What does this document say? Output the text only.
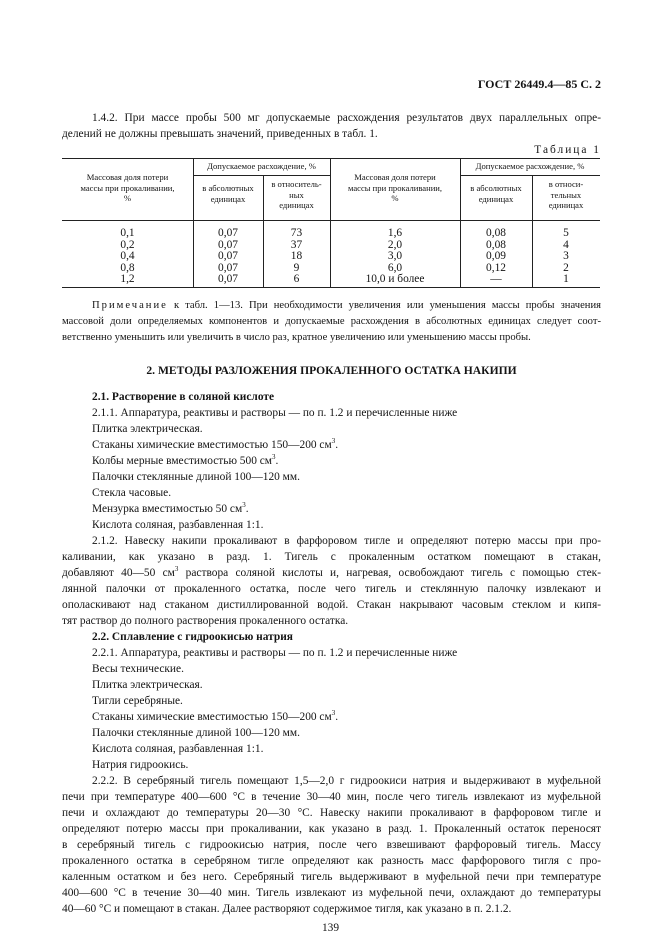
ГОСТ 26449.4—85 С. 2
1.4.2. При массе пробы 500 мг допускаемые расхождения результатов двух параллельных опре-
делений не должны превышать значений, приведенных в табл. 1.
Таблица 1
Массовая доля потери
массы при прокаливании,
%
Допускаемое расхождение, %
в абсолютных
единицах
в относитель-
ных
единицах
Массовая доля потери
массы при прокаливании,
%
Допускаемое расхождение, %
в абсолютных
единицах
в относи-
тельных
единицах
0,1
0,2
0,4
0,8
1,2
0,07
0,07
0,07
0,07
0,07
73
37
18
9
6
1,6
2,0
3,0
6,0
10,0 и более
0,08
0,08
0,09
0,12
—
5
4
3
2
1
Примечание к табл. 1—13. При необходимости увеличения или уменьшения массы пробы значения
массовой доли определяемых компонентов и допускаемые расхождения в абсолютных единицах следует соот-
ветственно уменьшить или увеличить в число раз, кратное увеличению или уменьшению массы пробы.
2. МЕТОДЫ РАЗЛОЖЕНИЯ ПРОКАЛЕННОГО ОСТАТКА НАКИПИ
2.1. Растворение в соляной кислоте
2.1.1. Аппаратура, реактивы и растворы — по п. 1.2 и перечисленные ниже
Плитка электрическая.
Стаканы химические вместимостью 150—200 $см^3$.
Колбы мерные вместимостью 500 $см^3$.
Палочки стеклянные длиной 100—120 мм.
Стекла часовые.
Мензурка вместимостью 50 $см^3$.
Кислота соляная, разбавленная 1:1.
2.1.2. Навеску накипи прокаливают в фарфоровом тигле и определяют потерю массы при про-
каливании, как указано в разд. 1. Тигель с прокаленным остатком помещают в стакан,
добавляют 40—50 $см^3$ раствора соляной кислоты и, нагревая, освобождают тигель с помощью стек-
лянной палочки от прокаленного остатка, после чего тигель и стеклянную палочку извлекают и
ополаскивают над стаканом дистиллированной водой. Стакан накрывают часовым стеклом и кипя-
тят раствор до полного растворения прокаленного остатка.
2.2. Сплавление с гидроокисью натрия
2.2.1. Аппаратура, реактивы и растворы — по п. 1.2 и перечисленные ниже
Весы технические.
Плитка электрическая.
Тигли серебряные.
Стаканы химические вместимостью 150—200 $см^3$.
Палочки стеклянные длиной 100—120 мм.
Кислота соляная, разбавленная 1:1.
Натрия гидроокись.
2.2.2. В серебряный тигель помещают 1,5—2,0 г гидроокиси натрия и выдерживают в муфельной
печи при температуре 400—600 °С в течение 30—40 мин, после чего тигель извлекают из муфельной
печи и охлаждают до температуры 20—30 °С. Навеску накипи прокаливают в фарфоровом тигле и
определяют потерю массы при прокаливании, как указано в разд. 1. Прокаленный остаток переносят
в серебряный тигель с гидроокисью натрия, после чего взвешивают фарфоровый тигель. Массу
прокаленного остатка в серебряном тигле определяют как разность масс фарфорового тигля с про-
каленным остатком и без него. Серебряный тигель выдерживают в муфельной печи при температуре
400—600 °С в течение 30—40 мин. Тигель извлекают из муфельной печи, охлаждают до температуры
40—60 °С и помещают в стакан. Далее растворяют содержимое тигля, как указано в п. 2.1.2.
139
